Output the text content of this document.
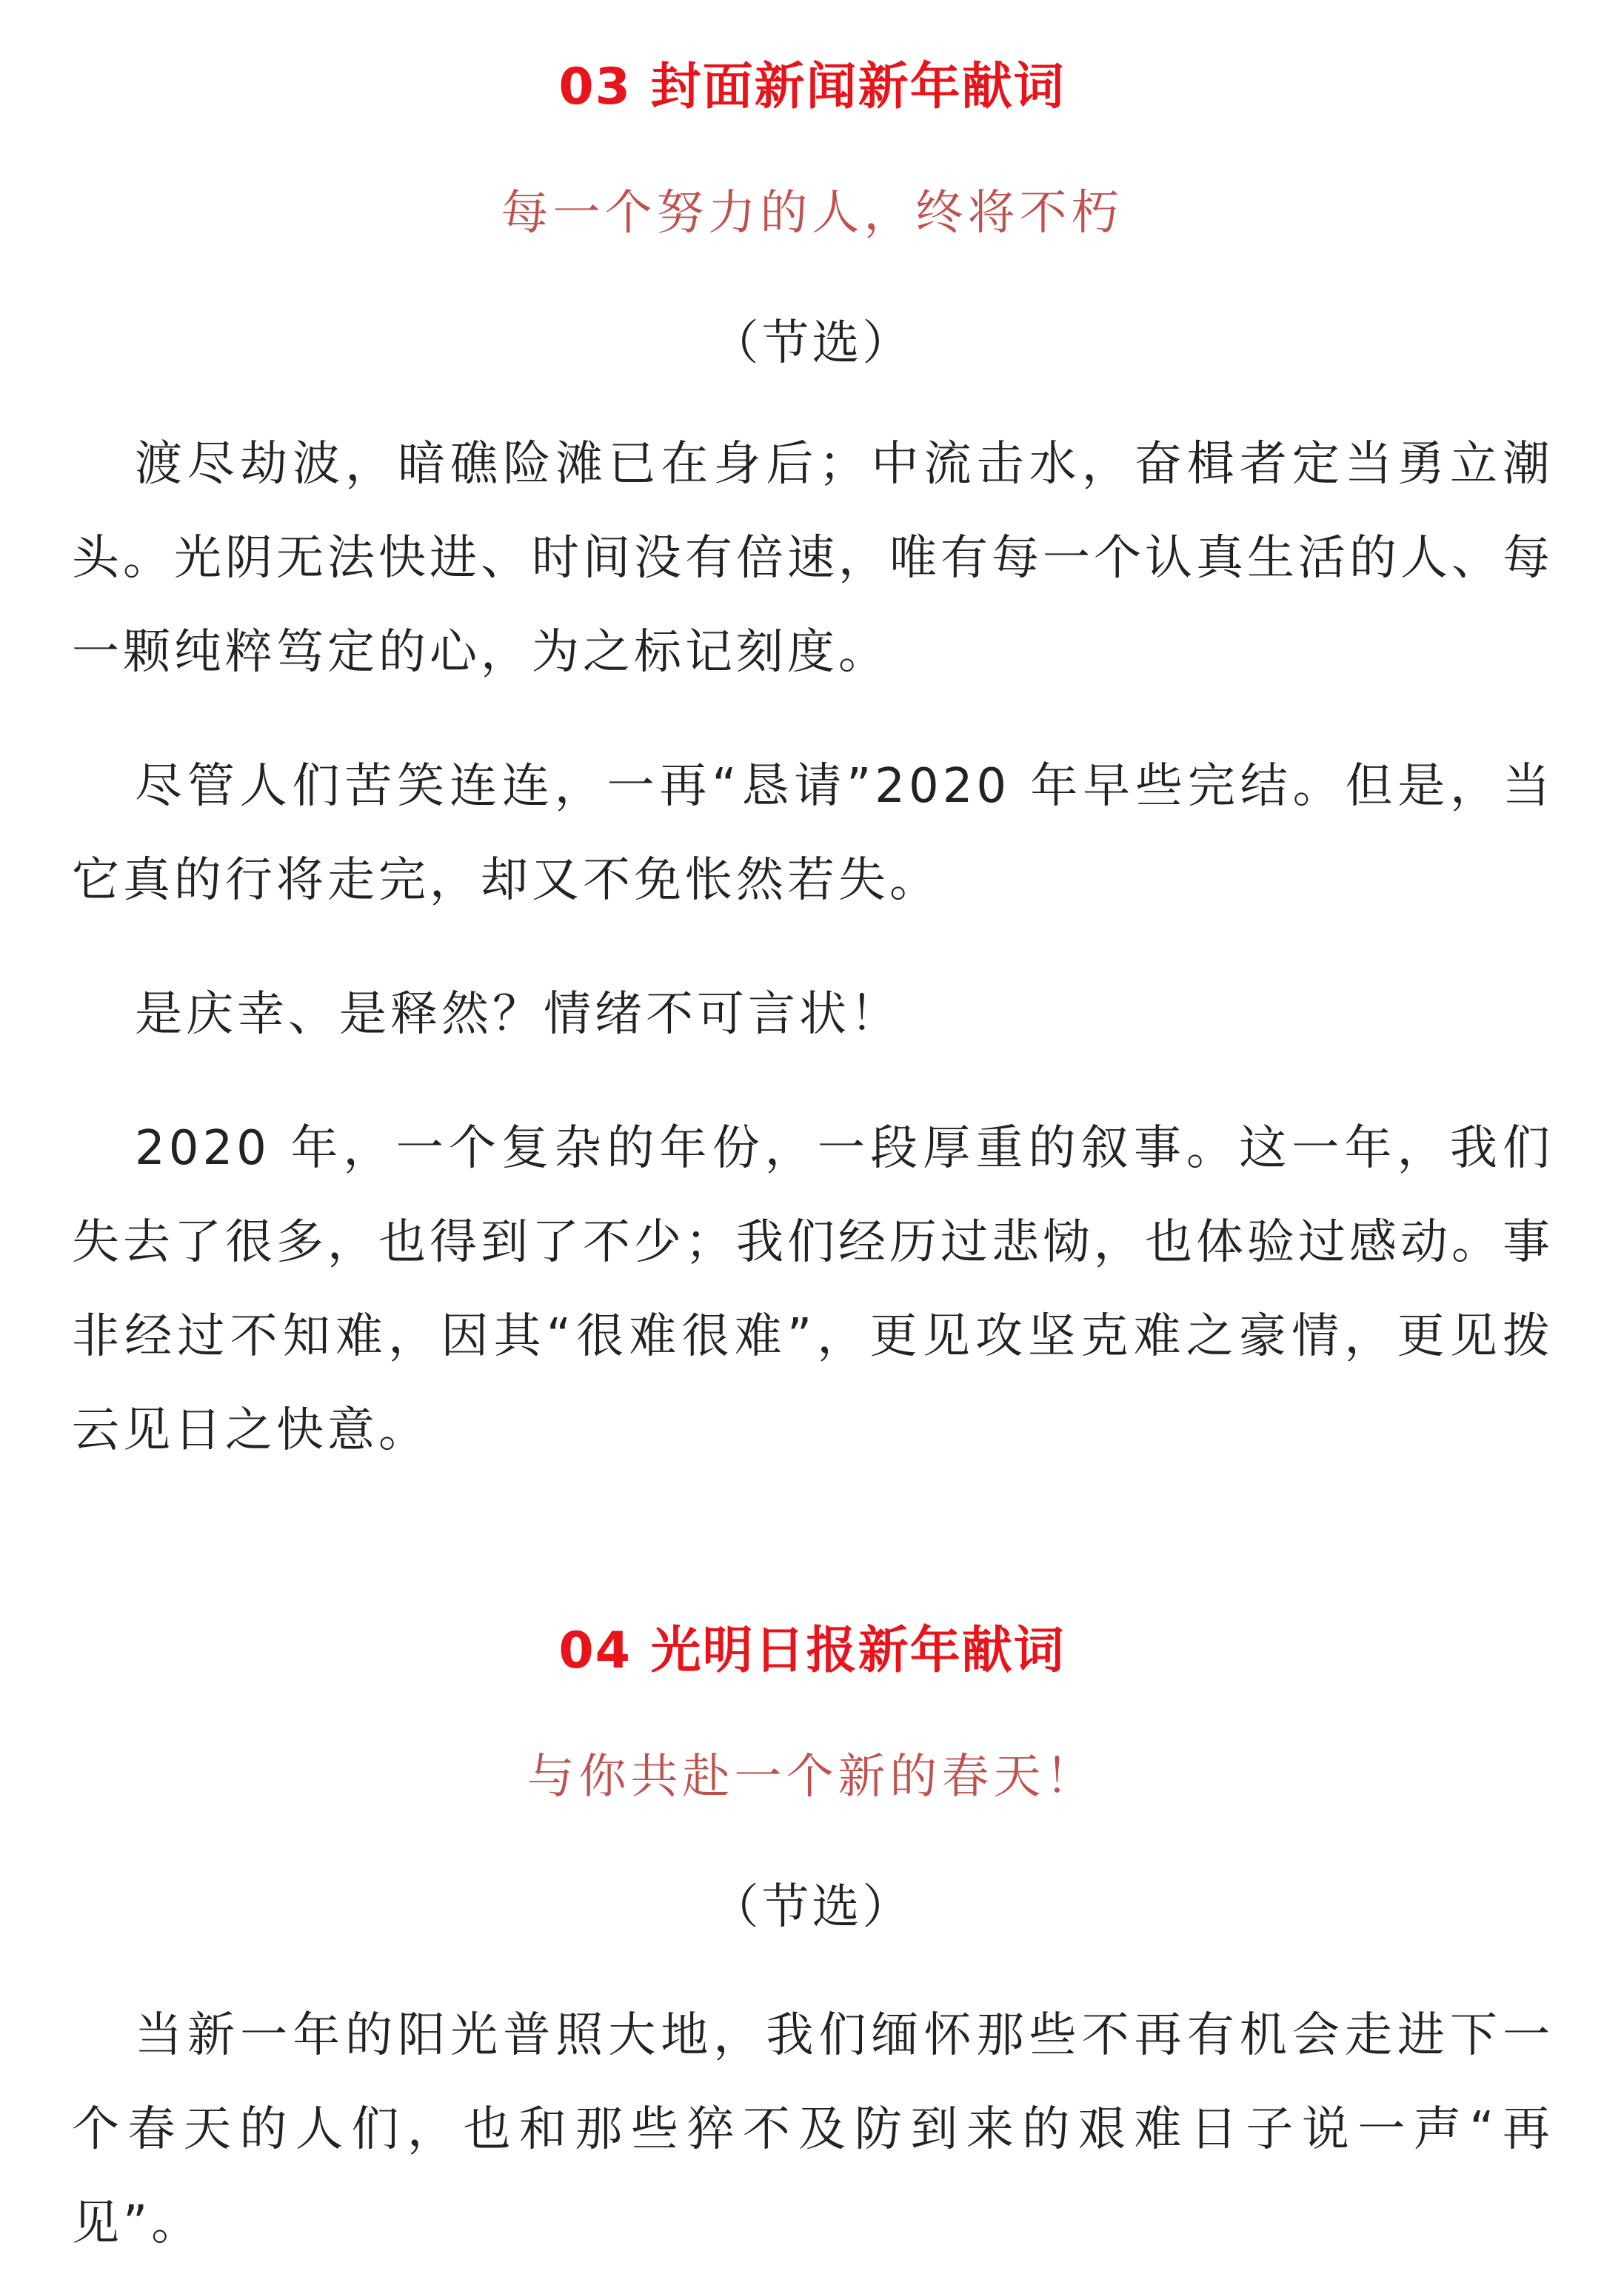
03 封面新闻新年献词
每一个努力的人，终将不朽
（节选）

渡尽劫波，暗礁险滩已在身后；中流击水，奋楫者定当勇立潮头。光阴无法快进、时间没有倍速，唯有每一个认真生活的人、每一颗纯粹笃定的心，为之标记刻度。

尽管人们苦笑连连，一再“恳请”2020 年早些完结。但是，当它真的行将走完，却又不免怅然若失。

是庆幸、是释然？情绪不可言状！

2020 年，一个复杂的年份，一段厚重的叙事。这一年，我们失去了很多，也得到了不少；我们经历过悲恸，也体验过感动。事非经过不知难，因其“很难很难”，更见攻坚克难之豪情，更见拨云见日之快意。

04 光明日报新年献词
与你共赴一个新的春天！
（节选）

当新一年的阳光普照大地，我们缅怀那些不再有机会走进下一个春天的人们，也和那些猝不及防到来的艰难日子说一声“再见”。
